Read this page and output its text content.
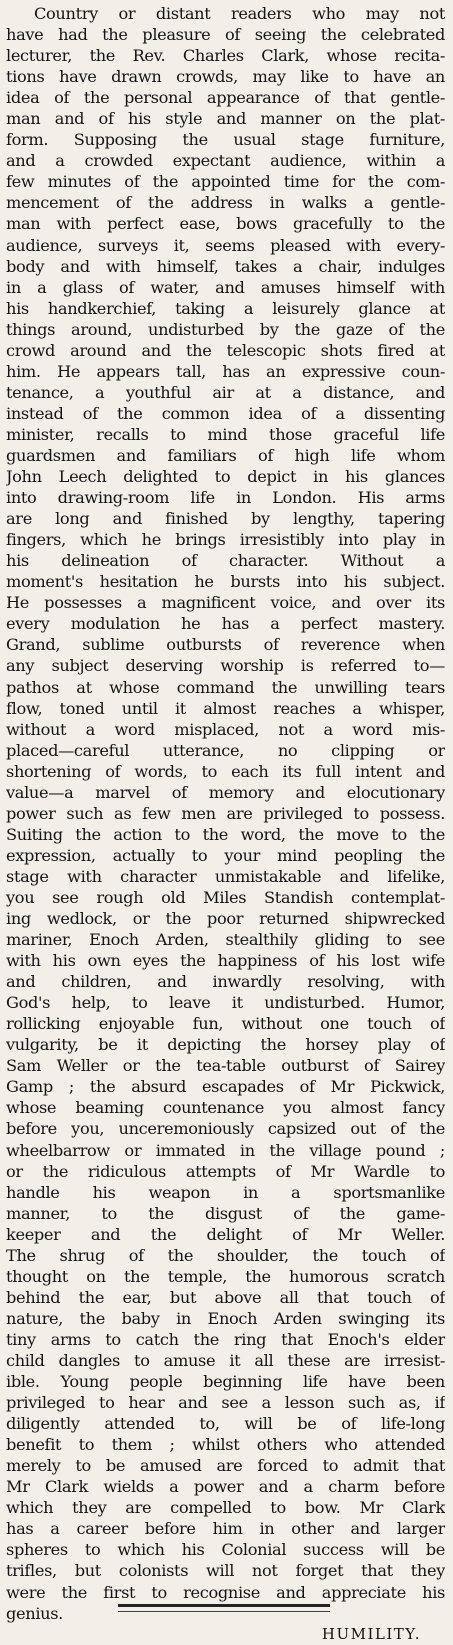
Country or distant readers who may not
have had the pleasure of seeing the celebrated
lecturer, the Rev. Charles Clark, whose recita-
tions have drawn crowds, may like to have an
idea of the personal appearance of that gentle-
man and of his style and manner on the plat-
form. Supposing the usual stage furniture,
and a crowded expectant audience, within a
few minutes of the appointed time for the com-
mencement of the address in walks a gentle-
man with perfect ease, bows gracefully to the
audience, surveys it, seems pleased with every-
body and with himself, takes a chair, indulges
in a glass of water, and amuses himself with
his handkerchief, taking a leisurely glance at
things around, undisturbed by the gaze of the
crowd around and the telescopic shots fired at
him. He appears tall, has an expressive coun-
tenance, a youthful air at a distance, and
instead of the common idea of a dissenting
minister, recalls to mind those graceful life
guardsmen and familiars of high life whom
John Leech delighted to depict in his glances
into drawing-room life in London. His arms
are long and finished by lengthy, tapering
fingers, which he brings irresistibly into play in
his delineation of character. Without a
moment's hesitation he bursts into his subject.
He possesses a magnificent voice, and over its
every modulation he has a perfect mastery.
Grand, sublime outbursts of reverence when
any subject deserving worship is referred to—
pathos at whose command the unwilling tears
flow, toned until it almost reaches a whisper,
without a word misplaced, not a word mis-
placed—careful utterance, no clipping or
shortening of words, to each its full intent and
value—a marvel of memory and elocutionary
power such as few men are privileged to possess.
Suiting the action to the word, the move to the
expression, actually to your mind peopling the
stage with character unmistakable and lifelike,
you see rough old Miles Standish contemplat-
ing wedlock, or the poor returned shipwrecked
mariner, Enoch Arden, stealthily gliding to see
with his own eyes the happiness of his lost wife
and children, and inwardly resolving, with
God's help, to leave it undisturbed. Humor,
rollicking enjoyable fun, without one touch of
vulgarity, be it depicting the horsey play of
Sam Weller or the tea-table outburst of Sairey
Gamp ; the absurd escapades of Mr Pickwick,
whose beaming countenance you almost fancy
before you, unceremoniously capsized out of the
wheelbarrow or immated in the village pound ;
or the ridiculous attempts of Mr Wardle to
handle his weapon in a sportsmanlike
manner, to the disgust of the game-
keeper and the delight of Mr Weller.
The shrug of the shoulder, the touch of
thought on the temple, the humorous scratch
behind the ear, but above all that touch of
nature, the baby in Enoch Arden swinging its
tiny arms to catch the ring that Enoch's elder
child dangles to amuse it all these are irresist-
ible. Young people beginning life have been
privileged to hear and see a lesson such as, if
diligently attended to, will be of life-long
benefit to them ; whilst others who attended
merely to be amused are forced to admit that
Mr Clark wields a power and a charm before
which they are compelled to bow. Mr Clark
has a career before him in other and larger
spheres to which his Colonial success will be
trifles, but colonists will not forget that they
were the first to recognise and appreciate his
genius.
HUMILITY.
